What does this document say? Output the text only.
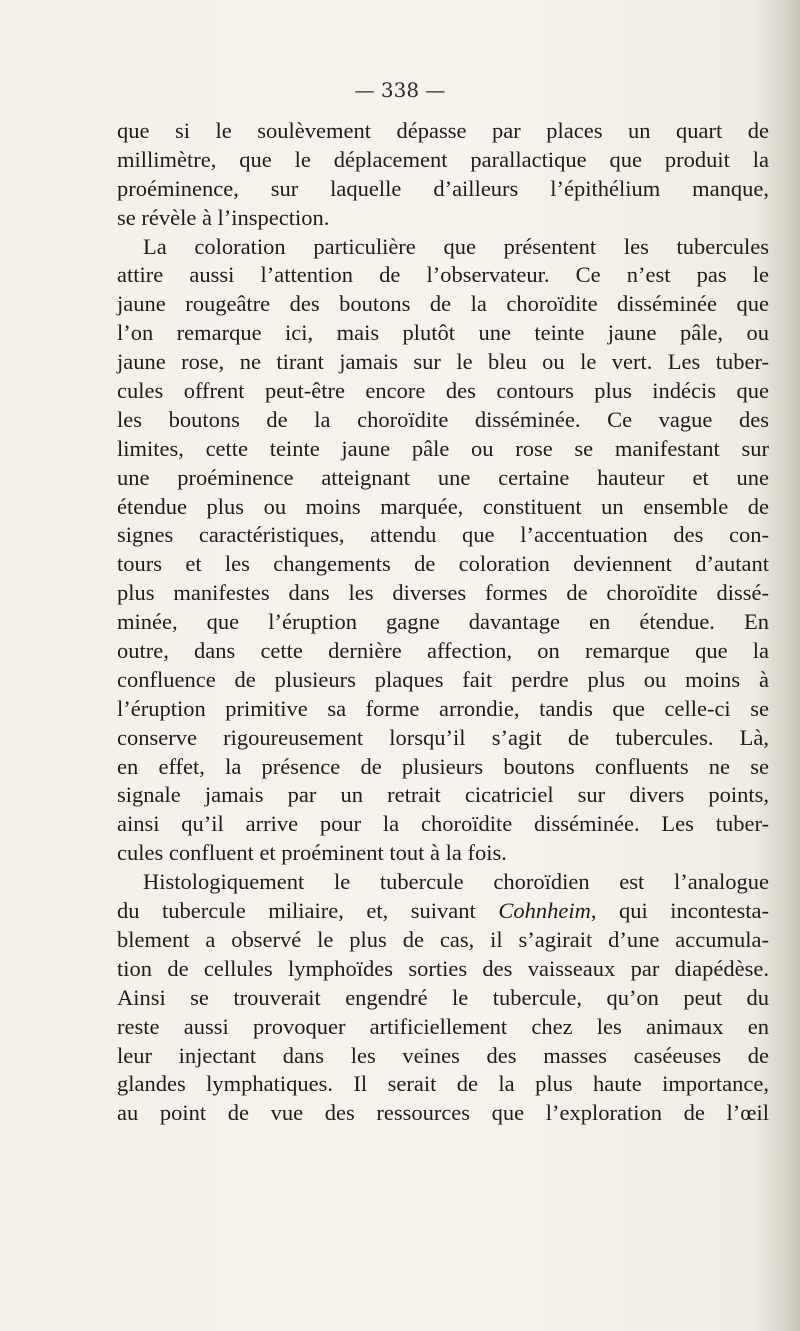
— 338 —
que si le soulèvement dépasse par places un quart de
millimètre, que le déplacement parallactique que produit la
proéminence, sur laquelle d’ailleurs l’épithélium manque,
se révèle à l’inspection.
La coloration particulière que présentent les tubercules
attire aussi l’attention de l’observateur. Ce n’est pas le
jaune rougeâtre des boutons de la choroïdite disséminée que
l’on remarque ici, mais plutôt une teinte jaune pâle, ou
jaune rose, ne tirant jamais sur le bleu ou le vert. Les tuber-
cules offrent peut-être encore des contours plus indécis que
les boutons de la choroïdite disséminée. Ce vague des
limites, cette teinte jaune pâle ou rose se manifestant sur
une proéminence atteignant une certaine hauteur et une
étendue plus ou moins marquée, constituent un ensemble de
signes caractéristiques, attendu que l’accentuation des con-
tours et les changements de coloration deviennent d’autant
plus manifestes dans les diverses formes de choroïdite dissé-
minée, que l’éruption gagne davantage en étendue. En
outre, dans cette dernière affection, on remarque que la
confluence de plusieurs plaques fait perdre plus ou moins à
l’éruption primitive sa forme arrondie, tandis que celle-ci se
conserve rigoureusement lorsqu’il s’agit de tubercules. Là,
en effet, la présence de plusieurs boutons confluents ne se
signale jamais par un retrait cicatriciel sur divers points,
ainsi qu’il arrive pour la choroïdite disséminée. Les tuber-
cules confluent et proéminent tout à la fois.
Histologiquement le tubercule choroïdien est l’analogue
du tubercule miliaire, et, suivant Cohnheim, qui incontesta-
blement a observé le plus de cas, il s’agirait d’une accumula-
tion de cellules lymphoïdes sorties des vaisseaux par diapédèse.
Ainsi se trouverait engendré le tubercule, qu’on peut du
reste aussi provoquer artificiellement chez les animaux en
leur injectant dans les veines des masses caséeuses de
glandes lymphatiques. Il serait de la plus haute importance,
au point de vue des ressources que l’exploration de l’œil
